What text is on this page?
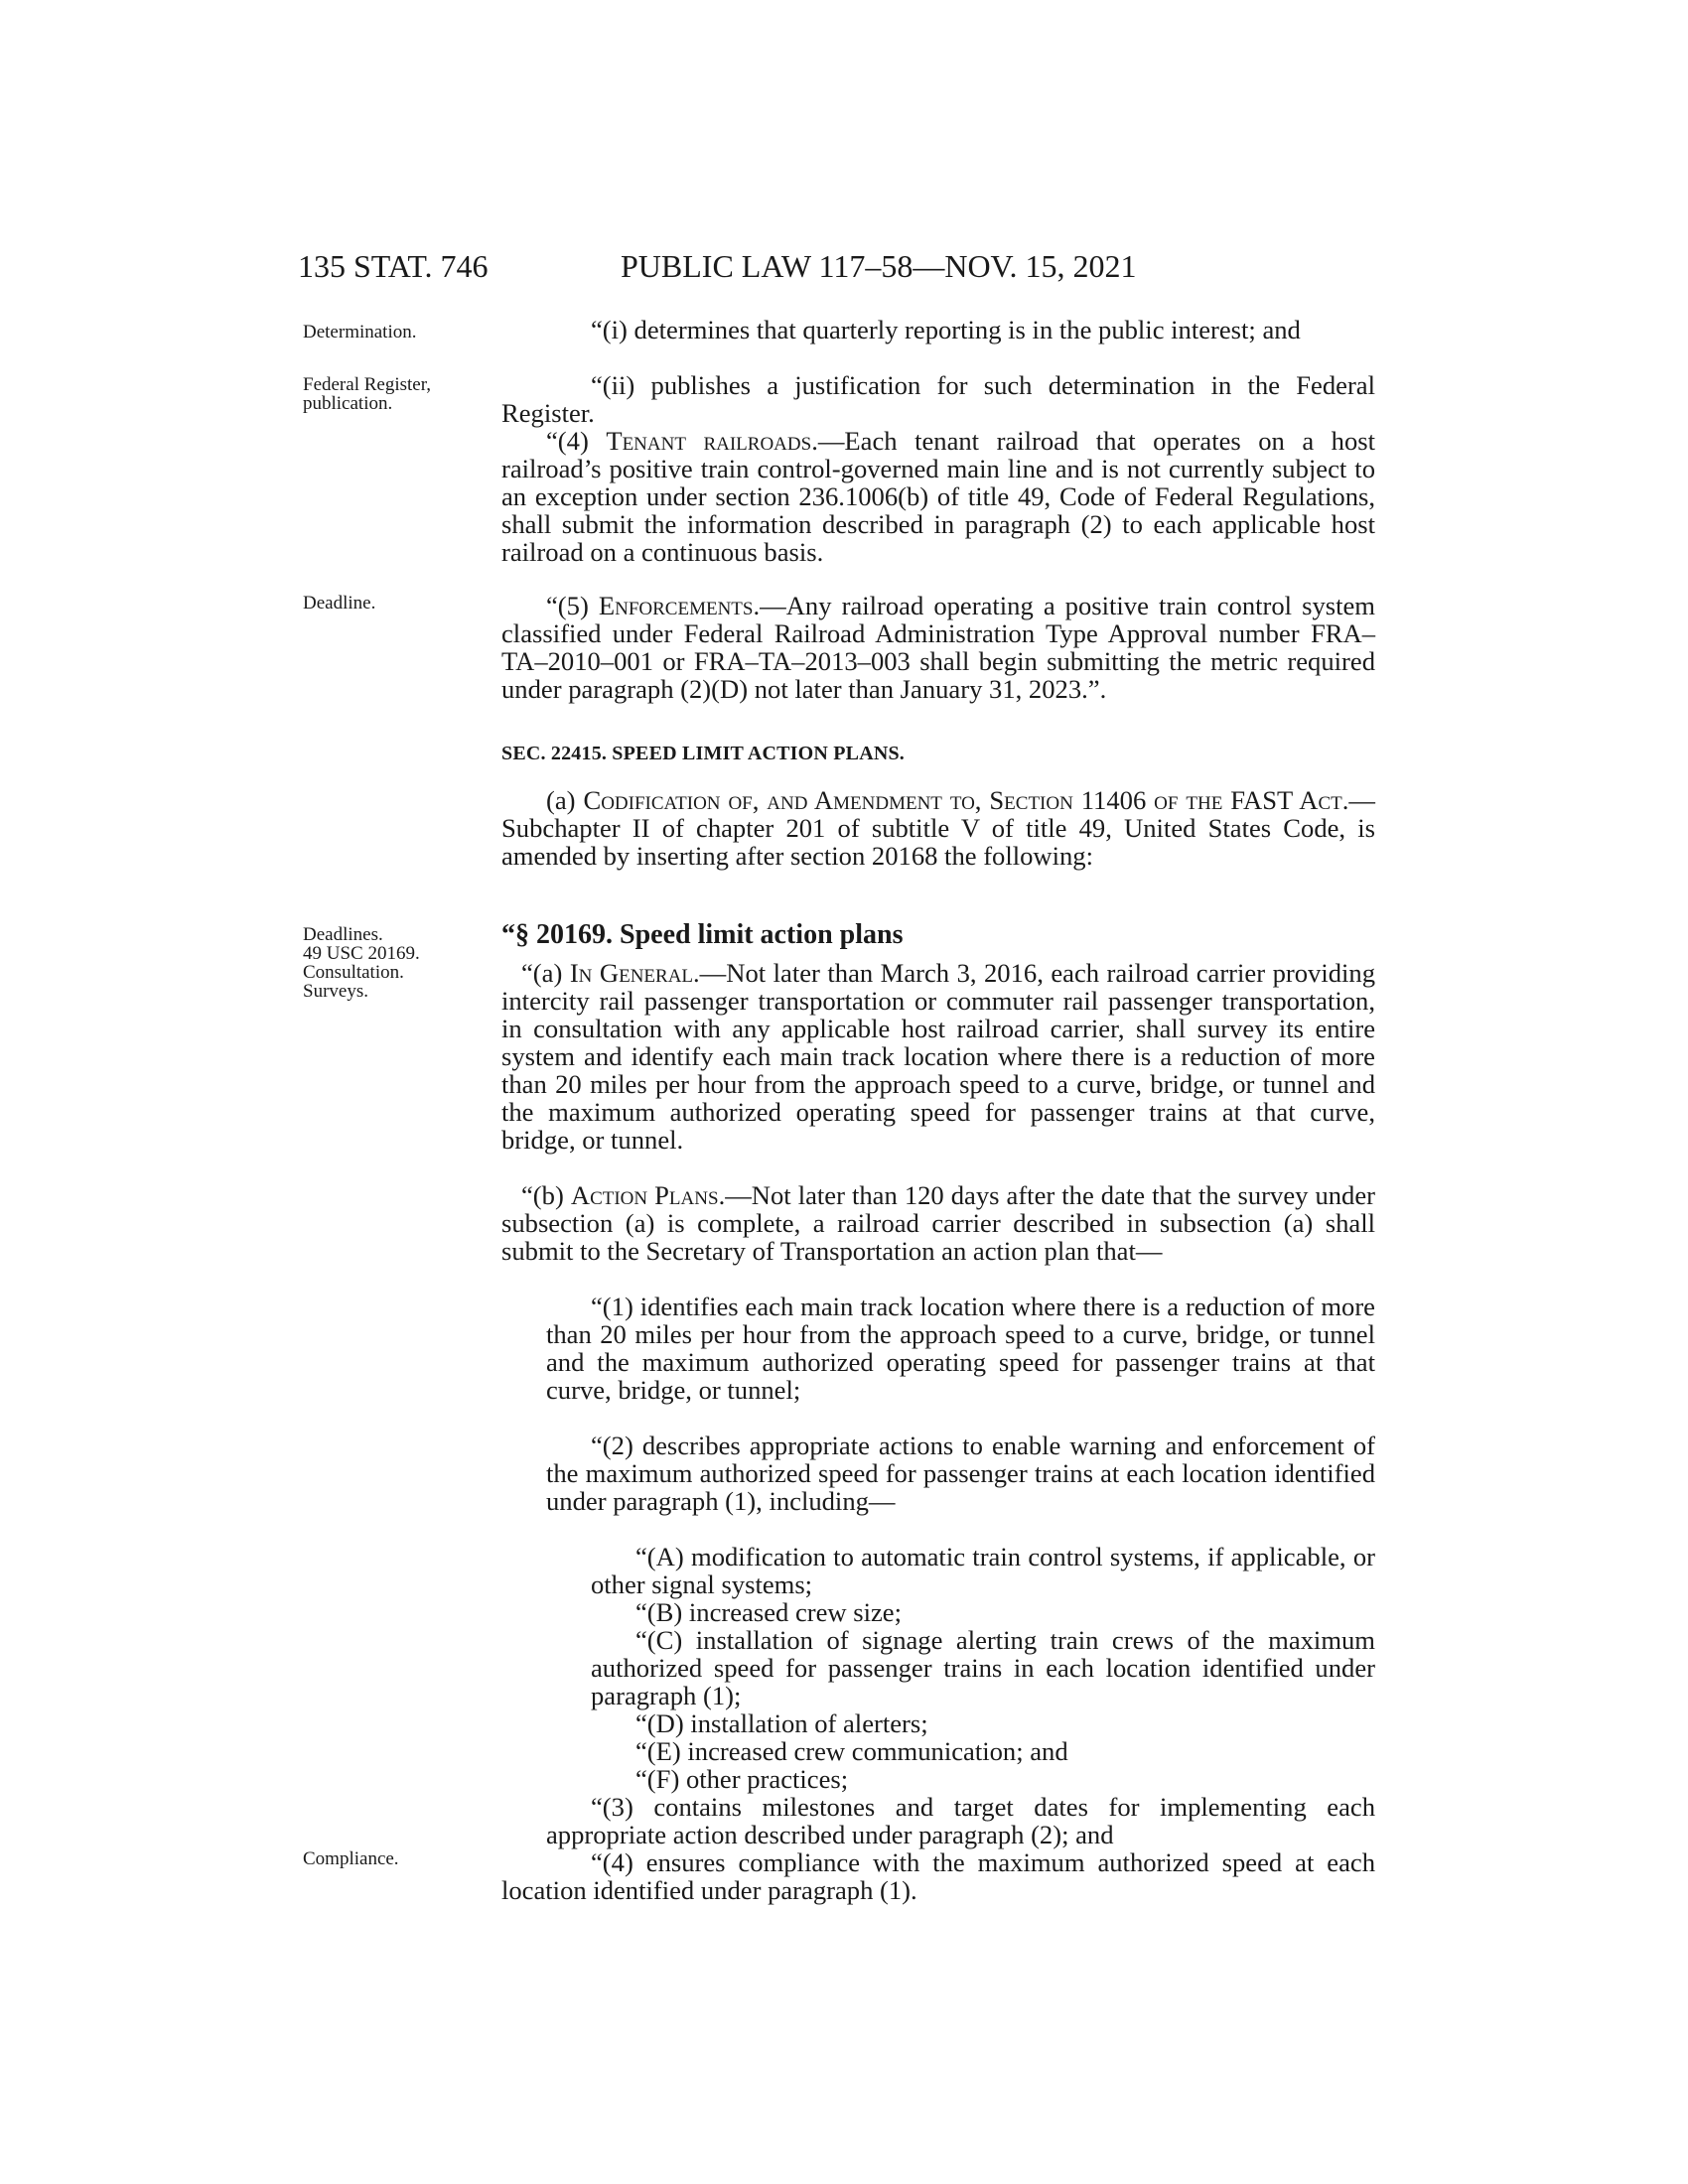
135 STAT. 746	PUBLIC LAW 117–58—NOV. 15, 2021
Determination.
Federal Register,
publication.
Deadline.
Deadlines.
49 USC 20169.
Consultation.
Surveys.
Compliance.
“(i) determines that quarterly reporting is in the public interest; and
“(ii) publishes a justification for such determination in the Federal Register.
“(4) Tenant railroads.—Each tenant railroad that operates on a host railroad’s positive train control-governed main line and is not currently subject to an exception under section 236.1006(b) of title 49, Code of Federal Regulations, shall submit the information described in paragraph (2) to each applicable host railroad on a continuous basis.
“(5) Enforcements.—Any railroad operating a positive train control system classified under Federal Railroad Administration Type Approval number FRA–TA–2010–001 or FRA–TA–2013–003 shall begin submitting the metric required under paragraph (2)(D) not later than January 31, 2023.”.
SEC. 22415. SPEED LIMIT ACTION PLANS.
(a) Codification of, and Amendment to, Section 11406 of the FAST Act.—Subchapter II of chapter 201 of subtitle V of title 49, United States Code, is amended by inserting after section 20168 the following:
“§ 20169. Speed limit action plans
“(a) In General.—Not later than March 3, 2016, each railroad carrier providing intercity rail passenger transportation or commuter rail passenger transportation, in consultation with any applicable host railroad carrier, shall survey its entire system and identify each main track location where there is a reduction of more than 20 miles per hour from the approach speed to a curve, bridge, or tunnel and the maximum authorized operating speed for passenger trains at that curve, bridge, or tunnel.
“(b) Action Plans.—Not later than 120 days after the date that the survey under subsection (a) is complete, a railroad carrier described in subsection (a) shall submit to the Secretary of Transportation an action plan that—
“(1) identifies each main track location where there is a reduction of more than 20 miles per hour from the approach speed to a curve, bridge, or tunnel and the maximum authorized operating speed for passenger trains at that curve, bridge, or tunnel;
“(2) describes appropriate actions to enable warning and enforcement of the maximum authorized speed for passenger trains at each location identified under paragraph (1), including—
“(A) modification to automatic train control systems, if applicable, or other signal systems;
“(B) increased crew size;
“(C) installation of signage alerting train crews of the maximum authorized speed for passenger trains in each location identified under paragraph (1);
“(D) installation of alerters;
“(E) increased crew communication; and
“(F) other practices;
“(3) contains milestones and target dates for implementing each appropriate action described under paragraph (2); and
“(4) ensures compliance with the maximum authorized speed at each location identified under paragraph (1).
